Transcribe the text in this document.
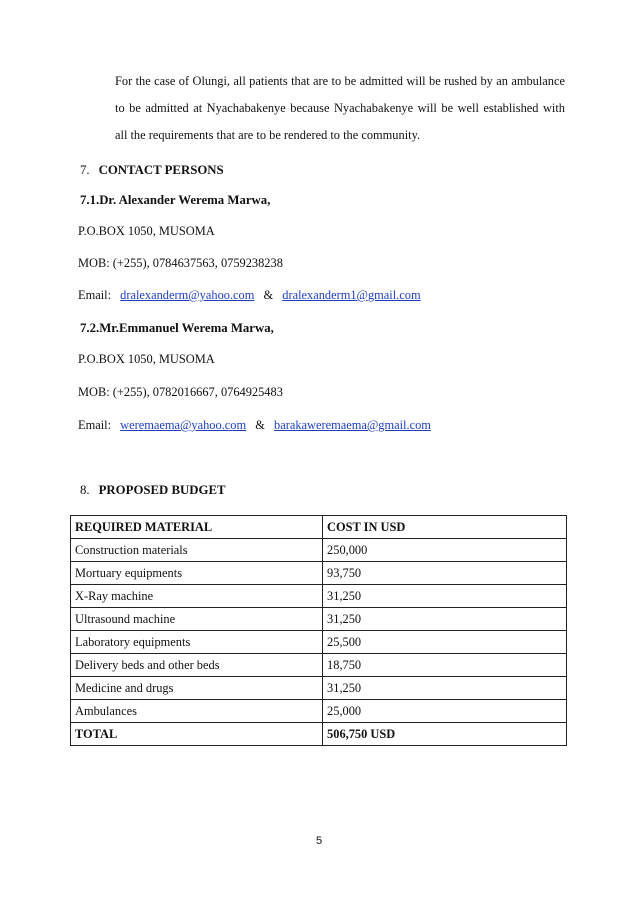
For the case of Olungi, all patients that are to be admitted will be rushed by an ambulance to be admitted at Nyachabakenye because Nyachabakenye will be well established with all the requirements that are to be rendered to the community.

7. CONTACT PERSONS
7.1.Dr. Alexander Werema Marwa,
P.O.BOX 1050, MUSOMA
MOB: (+255), 0784637563, 0759238238
Email: dralexanderm@yahoo.com & dralexanderm1@gmail.com
7.2.Mr.Emmanuel Werema Marwa,
P.O.BOX 1050, MUSOMA
MOB: (+255), 0782016667, 0764925483
Email: weremaema@yahoo.com & barakaweremaema@gmail.com
8. PROPOSED BUDGET
REQUIRED MATERIAL	COST IN USD
Construction materials	250,000
Mortuary equipments	93,750
X-Ray machine	31,250
Ultrasound machine	31,250
Laboratory equipments	25,500
Delivery beds and other beds	18,750
Medicine and drugs	31,250
Ambulances	25,000
TOTAL	506,750 USD
5
